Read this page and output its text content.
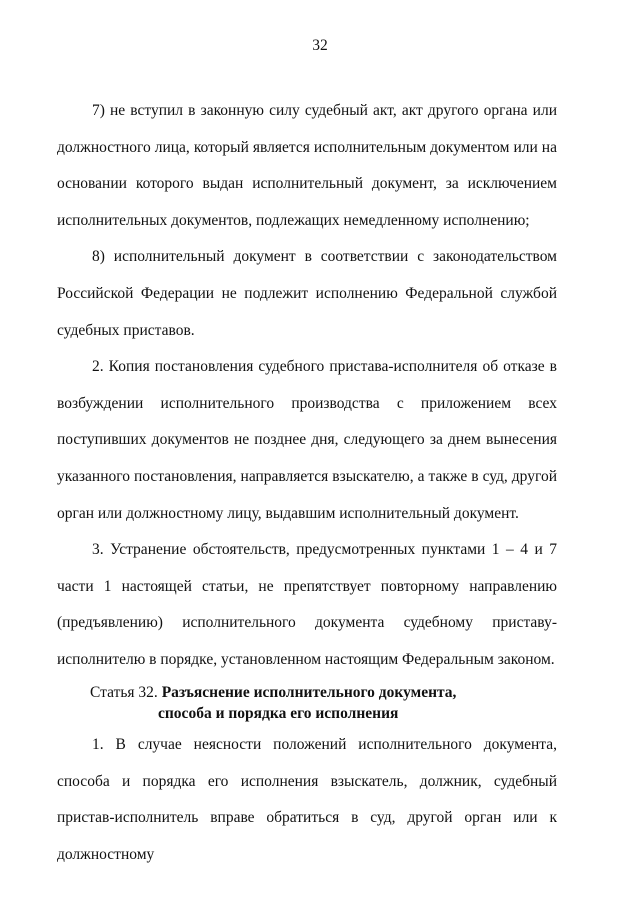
32

7) не вступил в законную силу судебный акт, акт другого органа или должностного лица, который является исполнительным документом или на основании которого выдан исполнительный документ, за исключением исполнительных документов, подлежащих немедленному исполнению;

8) исполнительный документ в соответствии с законодательством Российской Федерации не подлежит исполнению Федеральной службой судебных приставов.

2. Копия постановления судебного пристава-исполнителя об отказе в возбуждении исполнительного производства с приложением всех поступивших документов не позднее дня, следующего за днем вынесения указанного постановления, направляется взыскателю, а также в суд, другой орган или должностному лицу, выдавшим исполнительный документ.

3. Устранение обстоятельств, предусмотренных пунктами 1 – 4 и 7 части 1 настоящей статьи, не препятствует повторному направлению (предъявлению) исполнительного документа судебному приставу-исполнителю в порядке, установленном настоящим Федеральным законом.

Статья 32. Разъяснение исполнительного документа,
способа и порядка его исполнения

1. В случае неясности положений исполнительного документа, способа и порядка его исполнения взыскатель, должник, судебный пристав-исполнитель вправе обратиться в суд, другой орган или к должностному
